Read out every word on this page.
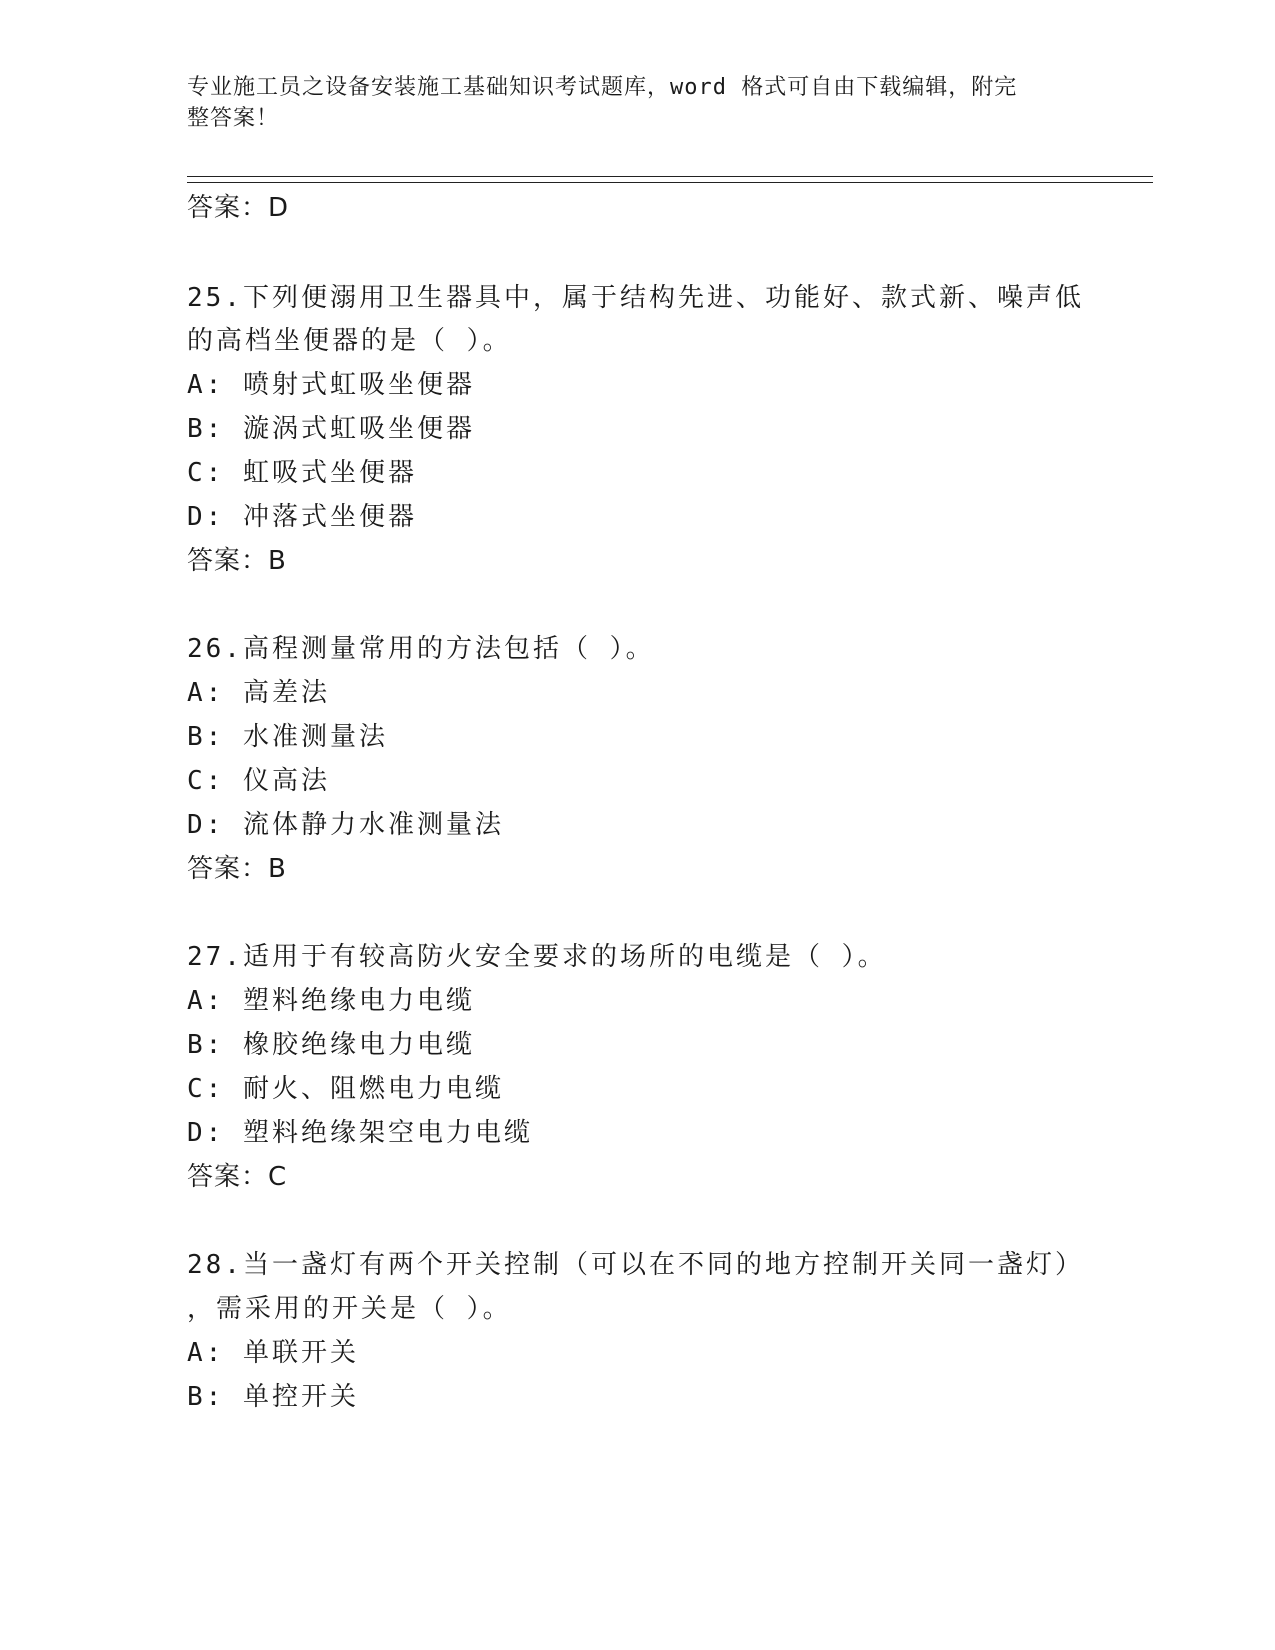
专业施工员之设备安装施工基础知识考试题库，word 格式可自由下载编辑，附完
整答案！

答案：D

25.下列便溺用卫生器具中，属于结构先进、功能好、款式新、噪声低

的高档坐便器的是（ ）。

A: 喷射式虹吸坐便器

B: 漩涡式虹吸坐便器

C: 虹吸式坐便器

D: 冲落式坐便器

答案：B

26.高程测量常用的方法包括（ ）。

A: 高差法

B: 水准测量法

C: 仪高法

D: 流体静力水准测量法

答案：B

27.适用于有较高防火安全要求的场所的电缆是（ ）。

A: 塑料绝缘电力电缆

B: 橡胶绝缘电力电缆

C: 耐火、阻燃电力电缆

D: 塑料绝缘架空电力电缆

答案：C

28.当一盏灯有两个开关控制（可以在不同的地方控制开关同一盏灯）

，需采用的开关是（ ）。

A: 单联开关

B: 单控开关
